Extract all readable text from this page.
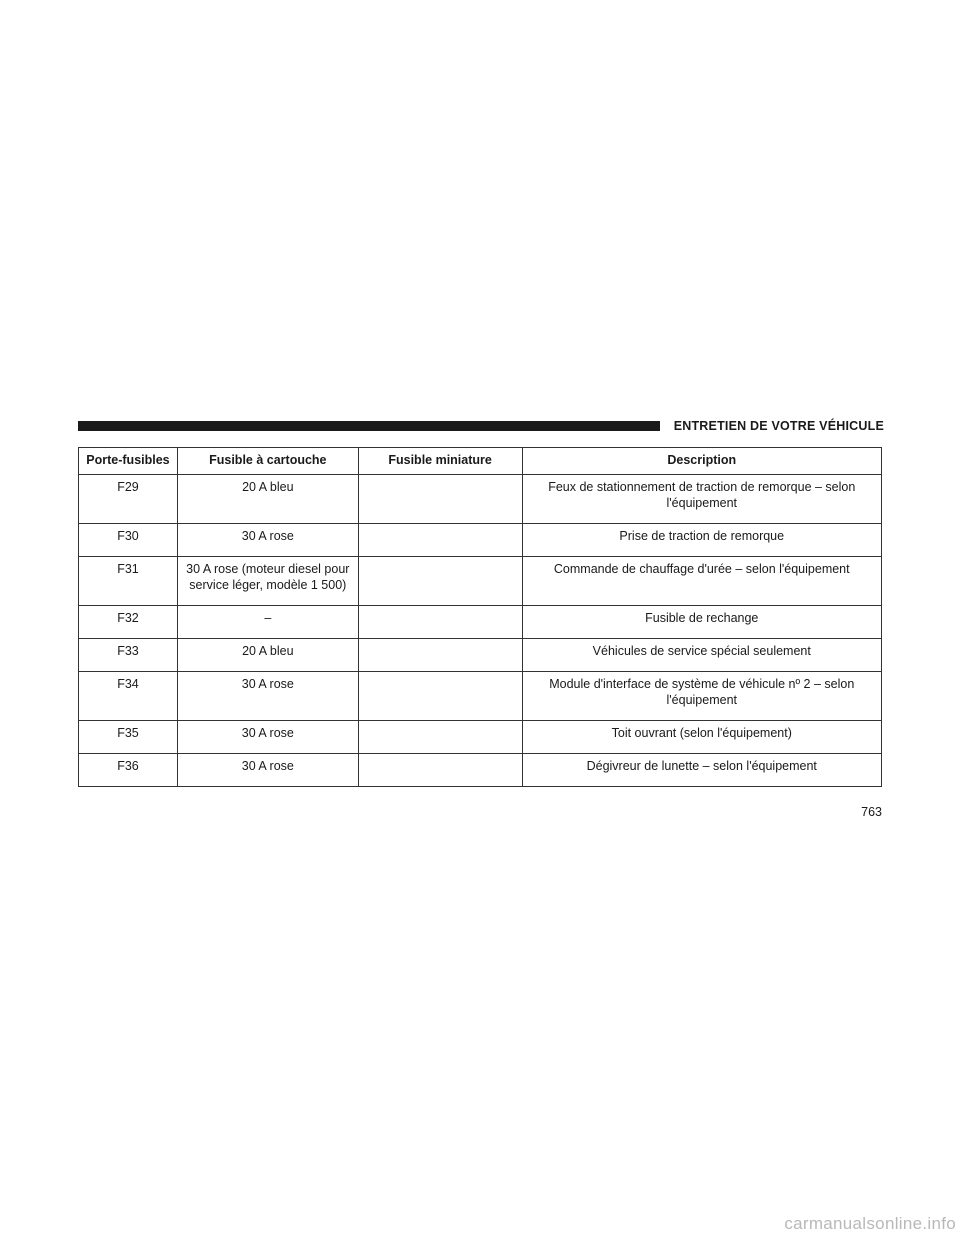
ENTRETIEN DE VOTRE VÉHICULE
Porte-fusibles	Fusible à cartouche	Fusible miniature	Description
F29	20 A bleu		Feux de stationnement de traction de remorque – selon l'équipement
F30	30 A rose		Prise de traction de remorque
F31	30 A rose (moteur diesel pour service léger, modèle 1 500)		Commande de chauffage d'urée – selon l'équipement
F32	–		Fusible de rechange
F33	20 A bleu		Véhicules de service spécial seulement
F34	30 A rose		Module d'interface de système de véhicule nº 2 – selon l'équipement
F35	30 A rose		Toit ouvrant (selon l'équipement)
F36	30 A rose		Dégivreur de lunette – selon l'équipement
763
carmanualsonline.info
